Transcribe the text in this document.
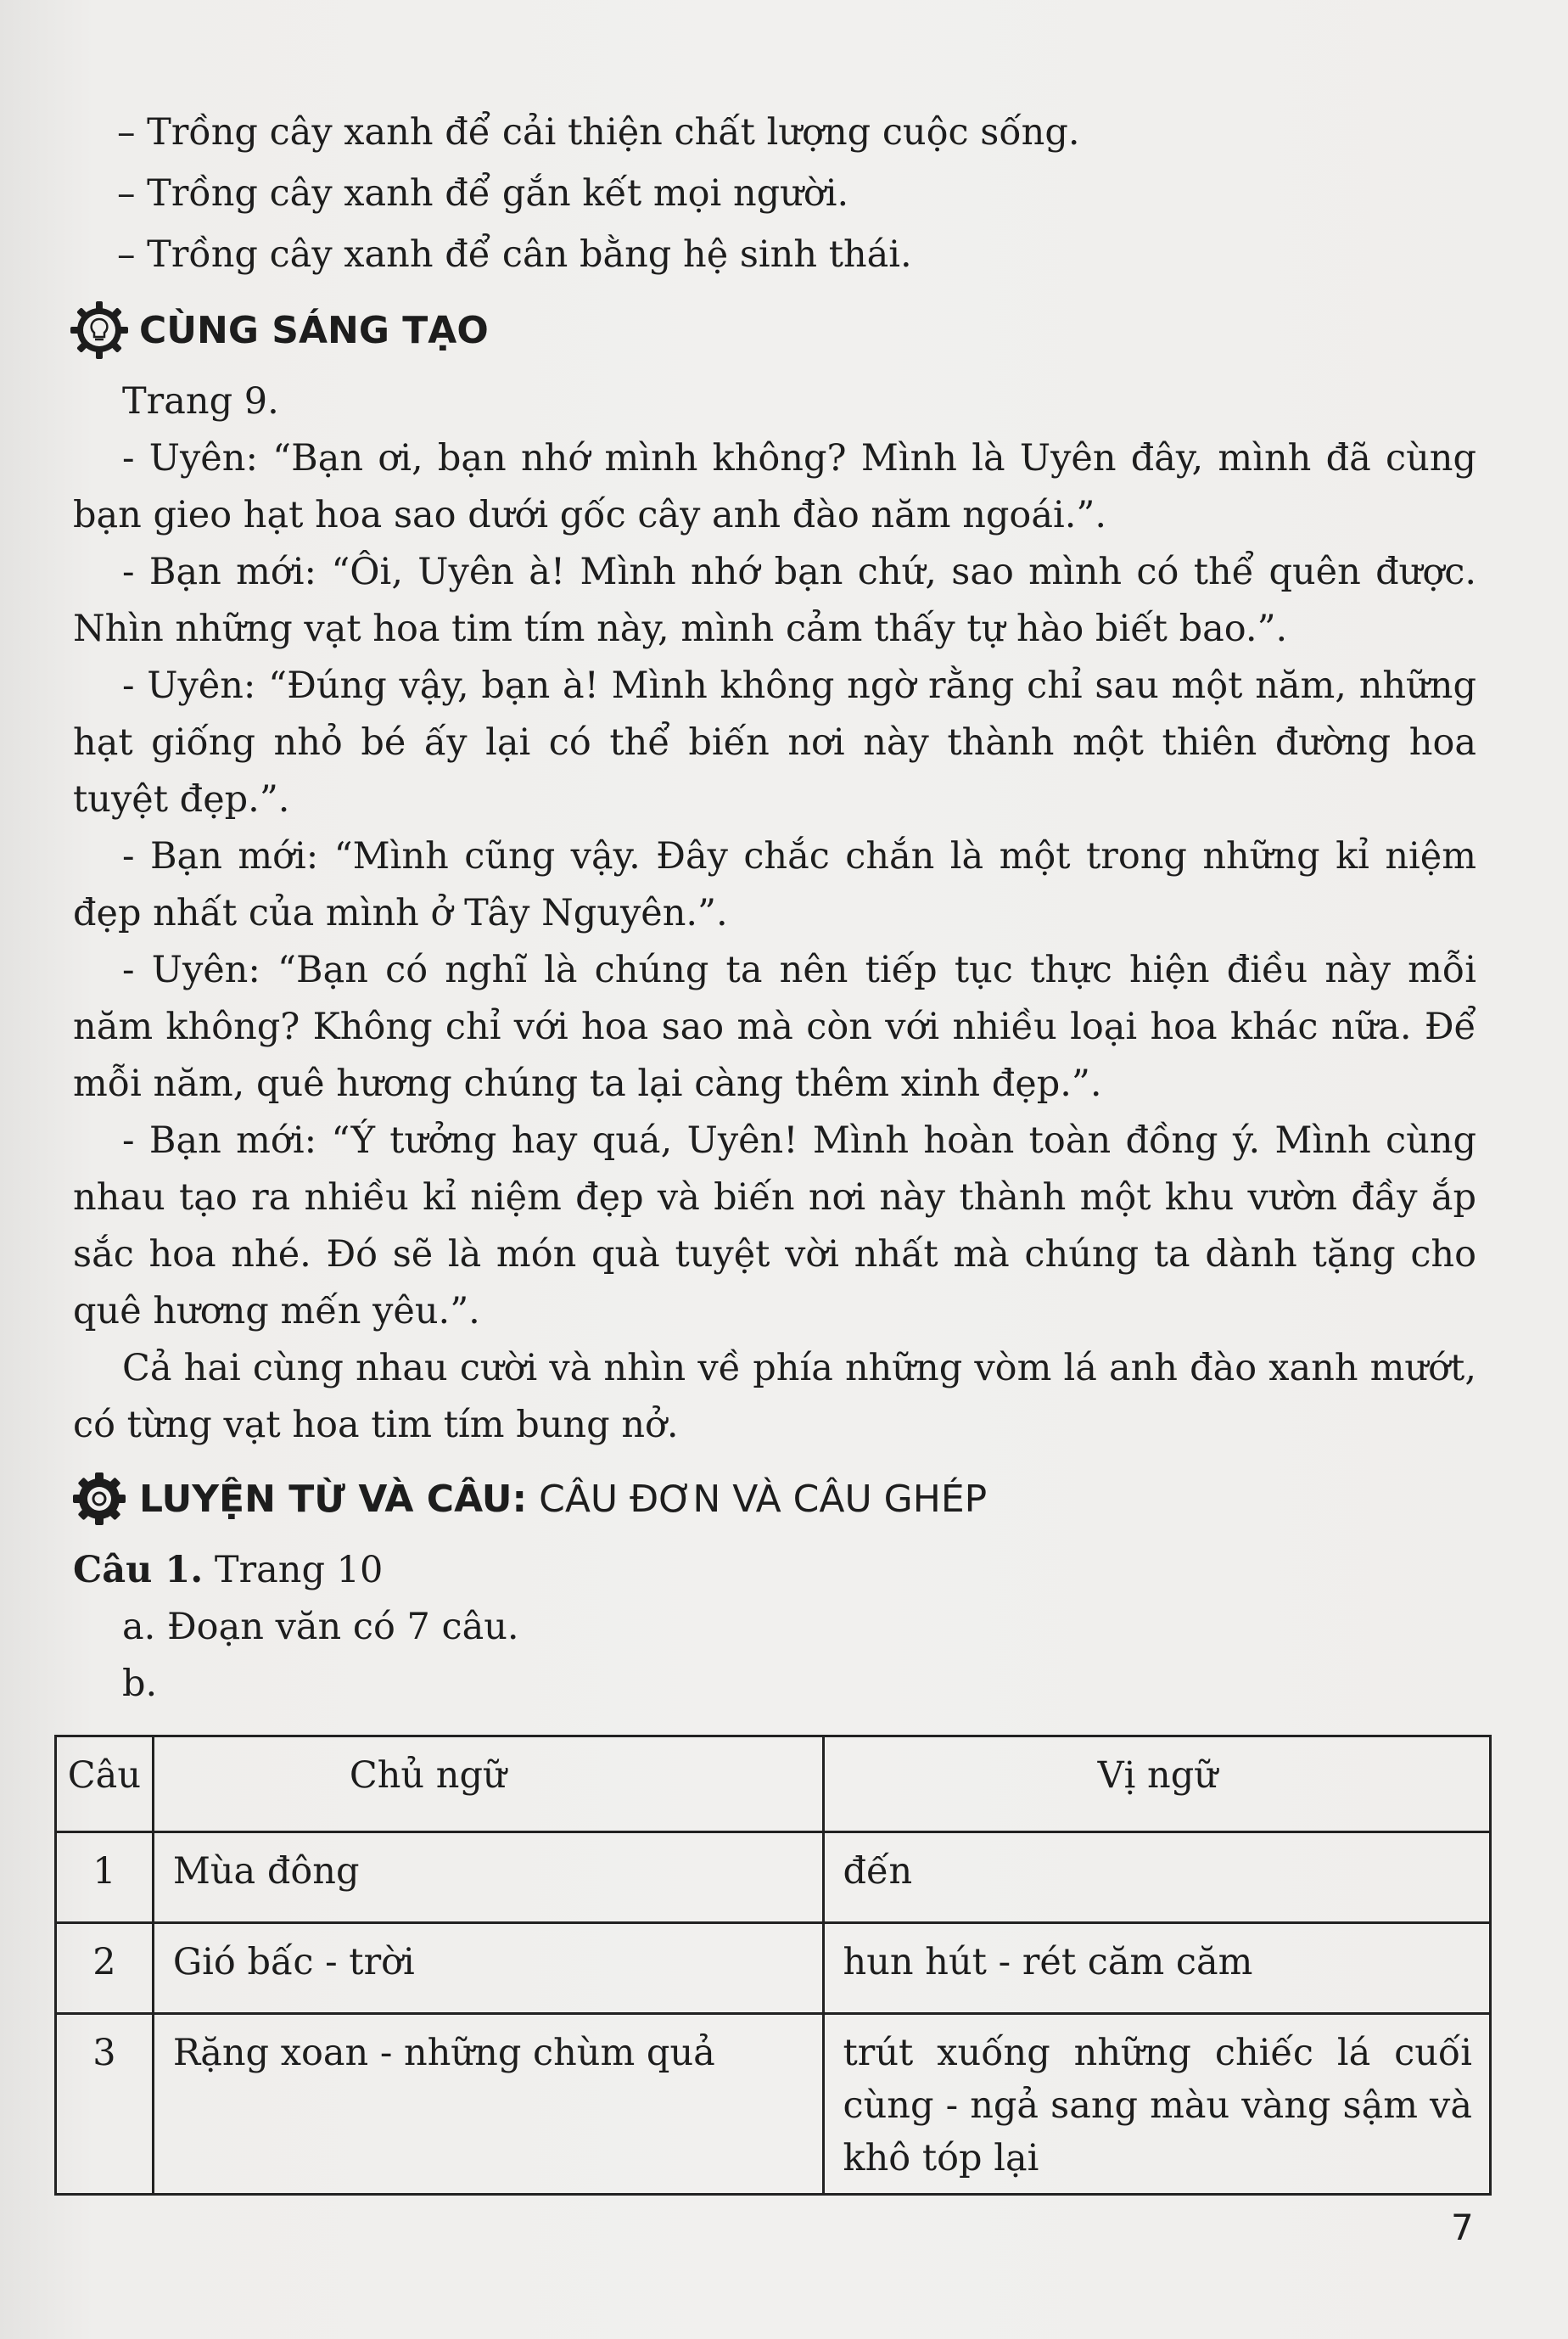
– Trồng cây xanh để cải thiện chất lượng cuộc sống.

– Trồng cây xanh để gắn kết mọi người.

– Trồng cây xanh để cân bằng hệ sinh thái.

CÙNG SÁNG TẠO

Trang 9.

- Uyên: “Bạn ơi, bạn nhớ mình không? Mình là Uyên đây, mình đã cùng bạn gieo hạt hoa sao dưới gốc cây anh đào năm ngoái.”.

- Bạn mới: “Ôi, Uyên à! Mình nhớ bạn chứ, sao mình có thể quên được. Nhìn những vạt hoa tim tím này, mình cảm thấy tự hào biết bao.”.

- Uyên: “Đúng vậy, bạn à! Mình không ngờ rằng chỉ sau một năm, những hạt giống nhỏ bé ấy lại có thể biến nơi này thành một thiên đường hoa tuyệt đẹp.”.

- Bạn mới: “Mình cũng vậy. Đây chắc chắn là một trong những kỉ niệm đẹp nhất của mình ở Tây Nguyên.”.

- Uyên: “Bạn có nghĩ là chúng ta nên tiếp tục thực hiện điều này mỗi năm không? Không chỉ với hoa sao mà còn với nhiều loại hoa khác nữa. Để mỗi năm, quê hương chúng ta lại càng thêm xinh đẹp.”.

- Bạn mới: “Ý tưởng hay quá, Uyên! Mình hoàn toàn đồng ý. Mình cùng nhau tạo ra nhiều kỉ niệm đẹp và biến nơi này thành một khu vườn đầy ắp sắc hoa nhé. Đó sẽ là món quà tuyệt vời nhất mà chúng ta dành tặng cho quê hương mến yêu.”.

Cả hai cùng nhau cười và nhìn về phía những vòm lá anh đào xanh mướt, có từng vạt hoa tim tím bung nở.

LUYỆN TỪ VÀ CÂU: CÂU ĐƠN VÀ CÂU GHÉP

Câu 1. Trang 10

a. Đoạn văn có 7 câu.

b.

Câu	Chủ ngữ	Vị ngữ
1	Mùa đông	đến
2	Gió bấc - trời	hun hút - rét căm căm
3	Rặng xoan - những chùm quả	trút xuống những chiếc lá cuối cùng - ngả sang màu vàng sậm và khô tóp lại
7
